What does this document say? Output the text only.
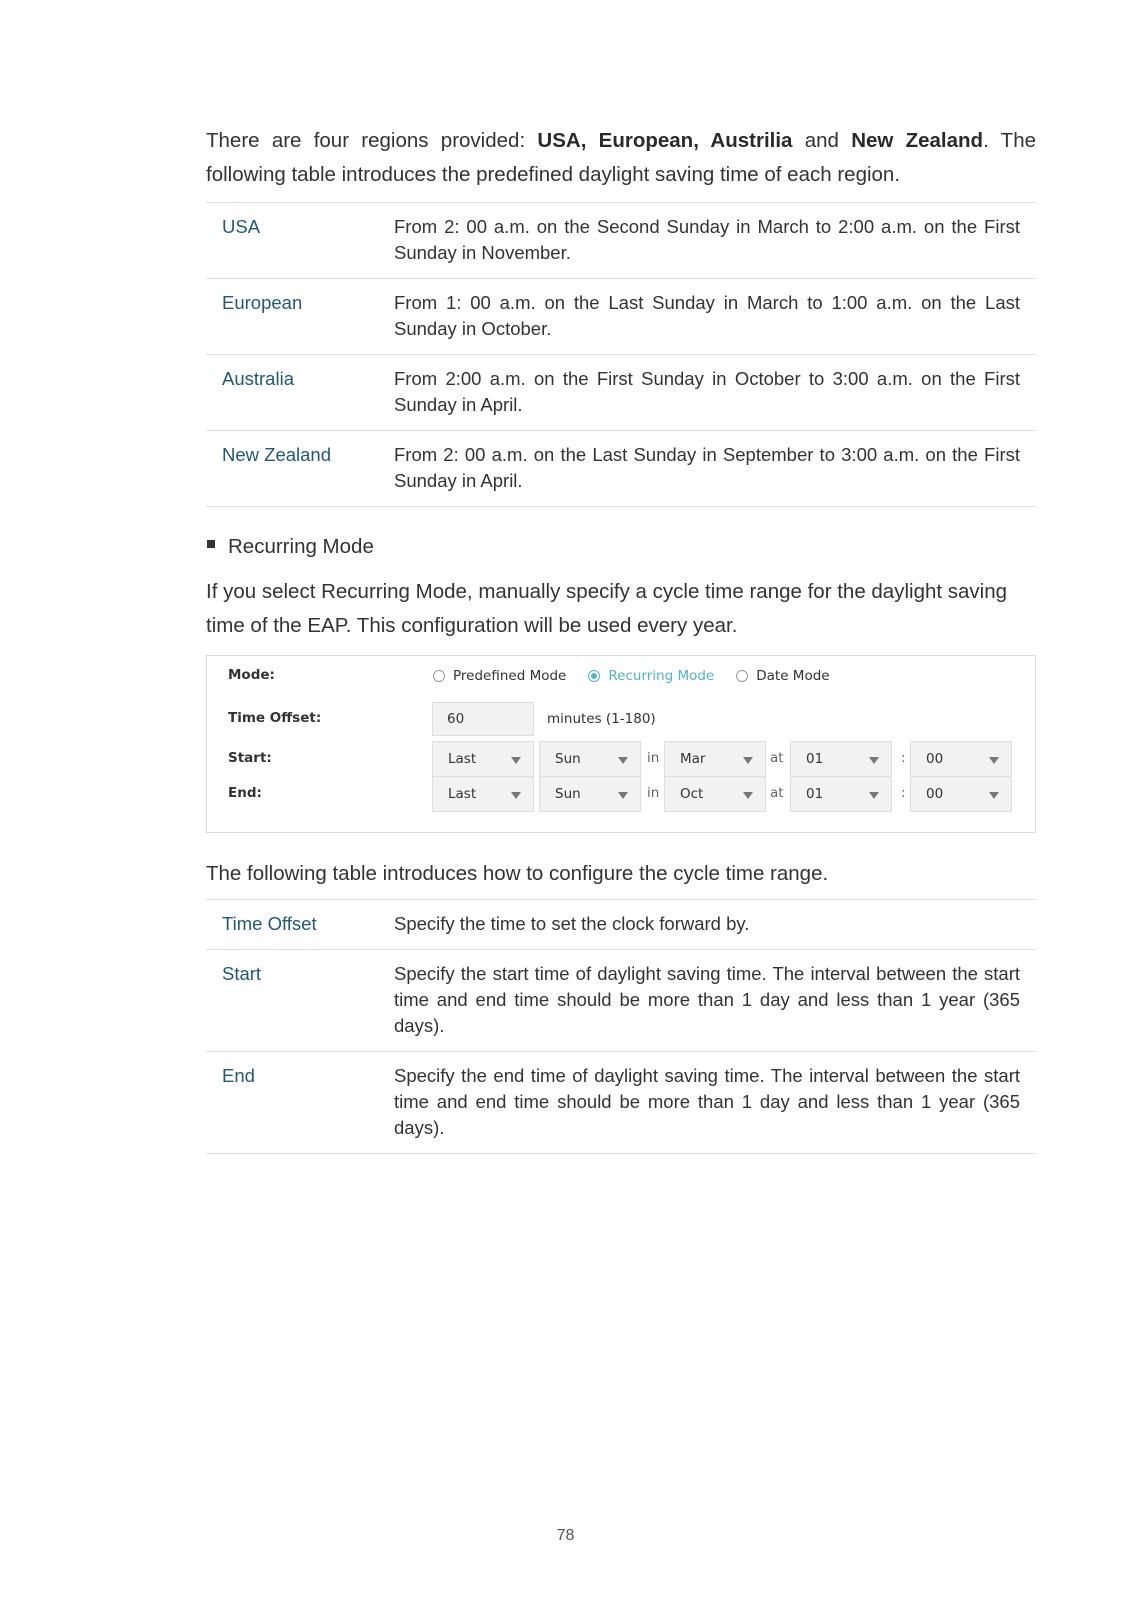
There are four regions provided: USA, European, Austrilia and New Zealand. The

following table introduces the predefined daylight saving time of each region.

USA	From 2: 00 a.m. on the Second Sunday in March to 2:00 a.m. on the First Sunday in November.
European	From 1: 00 a.m. on the Last Sunday in March to 1:00 a.m. on the Last Sunday in October.
Australia	From 2:00 a.m. on the First Sunday in October to 3:00 a.m. on the First Sunday in April.
New Zealand	From 2: 00 a.m. on the Last Sunday in September to 3:00 a.m. on the First Sunday in April.
Recurring Mode

If you select Recurring Mode, manually specify a cycle time range for the daylight saving time of the EAP. This configuration will be used every year.

Mode:	Predefined Mode	Recurring Mode	Date Mode
Time Offset:	60	minutes (1-180)
Start:	Last	Sun	in	Mar	at	01	:	00
End:	Last	Sun	in	Oct	at	01	:	00

The following table introduces how to configure the cycle time range.

Time Offset	Specify the time to set the clock forward by.
Start	Specify the start time of daylight saving time. The interval between the start time and end time should be more than 1 day and less than 1 year (365 days).
End	Specify the end time of daylight saving time. The interval between the start time and end time should be more than 1 day and less than 1 year (365 days).
78
